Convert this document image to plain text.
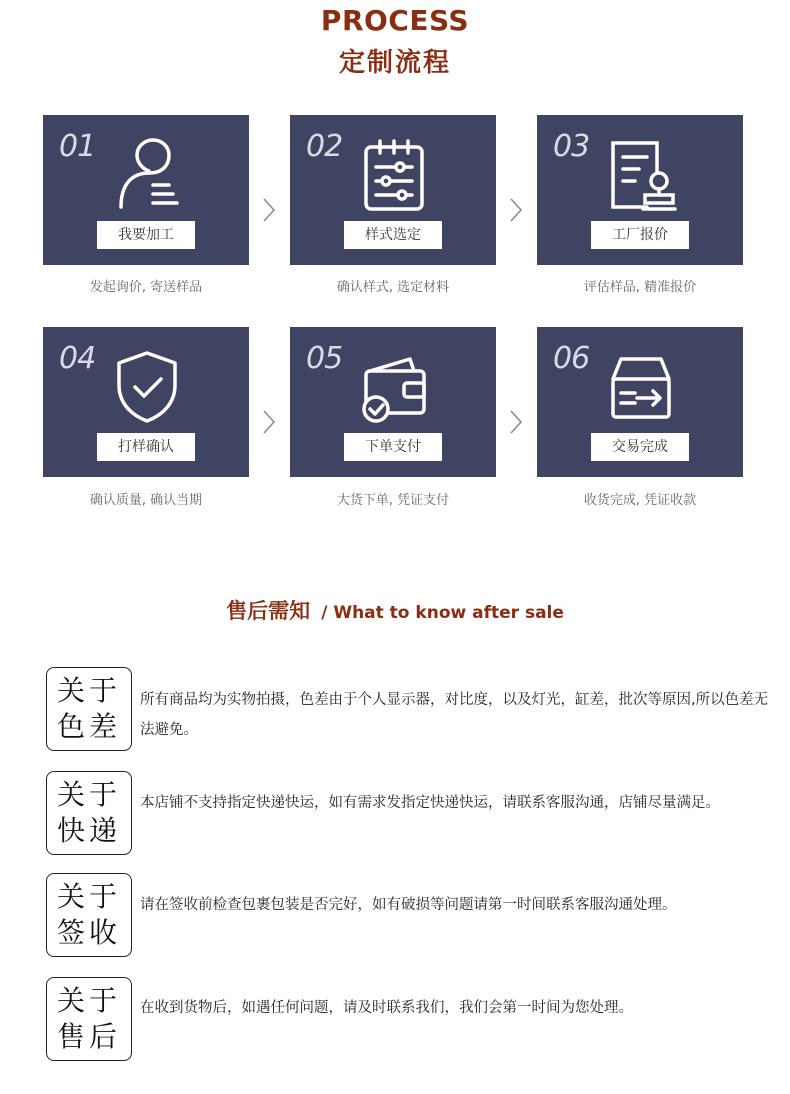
PROCESS
定制流程
01
我要加工
发起询价, 寄送样品
02
样式选定
确认样式, 选定材料
03
工厂报价
评估样品, 精准报价
04
打样确认
确认质量, 确认当期
05
下单支付
大货下单, 凭证支付
06
交易完成
收货完成, 凭证收款
售后需知 / What to know after sale
关于
色差
所有商品均为实物拍摄，色差由于个人显示器，对比度，以及灯光，缸差，批次等原因,所以色差无法避免。
关于
快递
本店铺不支持指定快递快运，如有需求发指定快递快运，请联系客服沟通，店铺尽量满足。
关于
签收
请在签收前检查包裹包装是否完好，如有破损等问题请第一时间联系客服沟通处理。
关于
售后
在收到货物后，如遇任何问题，请及时联系我们，我们会第一时间为您处理。
